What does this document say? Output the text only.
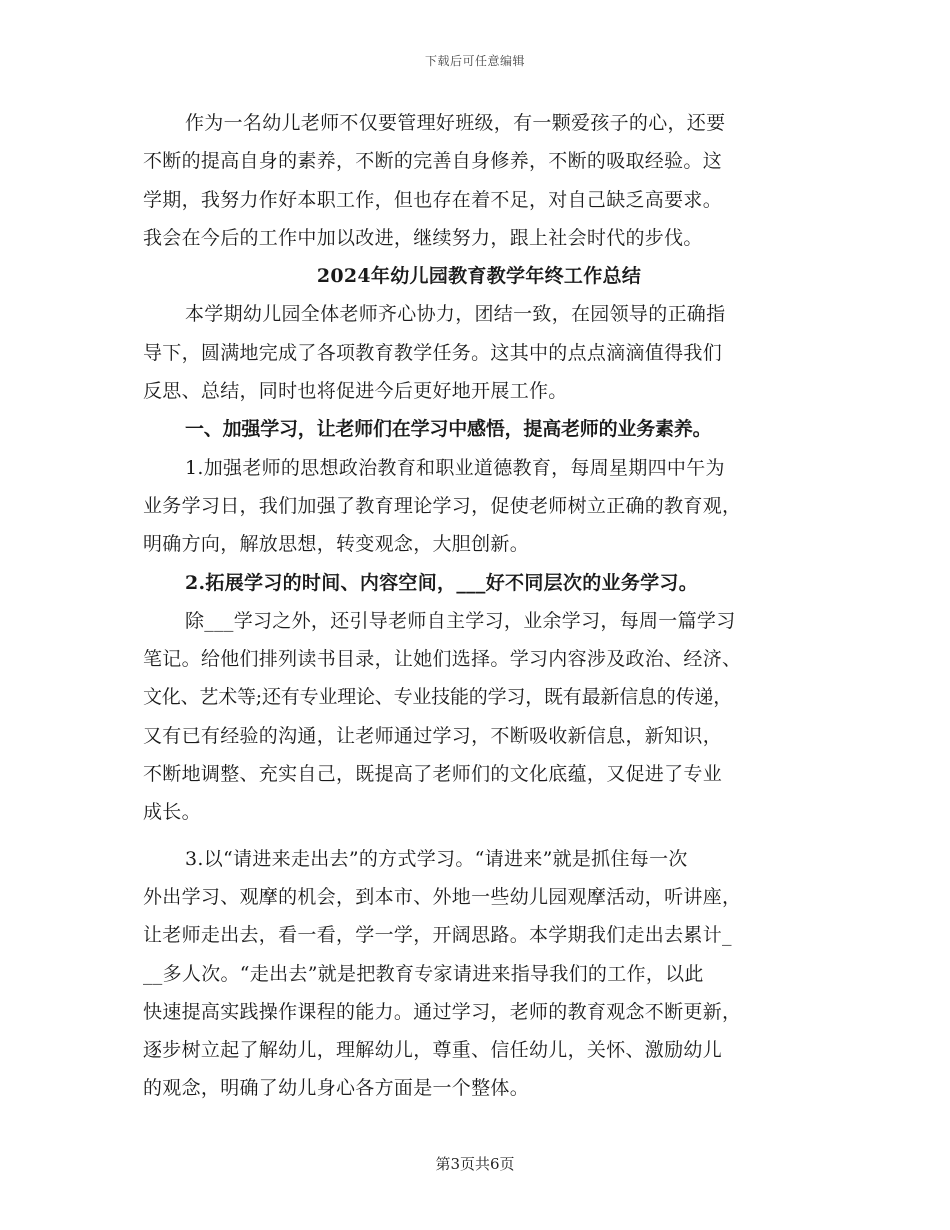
下载后可任意编辑
作为一名幼儿老师不仅要管理好班级，有一颗爱孩子的心，还要
不断的提高自身的素养，不断的完善自身修养，不断的吸取经验。这
学期，我努力作好本职工作，但也存在着不足，对自己缺乏高要求。
我会在今后的工作中加以改进，继续努力，跟上社会时代的步伐。
2024年幼儿园教育教学年终工作总结
本学期幼儿园全体老师齐心协力，团结一致，在园领导的正确指
导下，圆满地完成了各项教育教学任务。这其中的点点滴滴值得我们
反思、总结，同时也将促进今后更好地开展工作。
一、加强学习，让老师们在学习中感悟，提高老师的业务素养。
1.加强老师的思想政治教育和职业道德教育，每周星期四中午为
业务学习日，我们加强了教育理论学习，促使老师树立正确的教育观，
明确方向，解放思想，转变观念，大胆创新。
2.拓展学习的时间、内容空间，___好不同层次的业务学习。
除___学习之外，还引导老师自主学习，业余学习，每周一篇学习
笔记。给他们排列读书目录，让她们选择。学习内容涉及政治、经济、
文化、艺术等;还有专业理论、专业技能的学习，既有最新信息的传递，
又有已有经验的沟通，让老师通过学习，不断吸收新信息，新知识，
不断地调整、充实自己，既提高了老师们的文化底蕴，又促进了专业
成长。
3.以“请进来走出去”的方式学习。“请进来”就是抓住每一次
外出学习、观摩的机会，到本市、外地一些幼儿园观摩活动，听讲座，
让老师走出去，看一看，学一学，开阔思路。本学期我们走出去累计_
__多人次。“走出去”就是把教育专家请进来指导我们的工作，以此
快速提高实践操作课程的能力。通过学习，老师的教育观念不断更新，
逐步树立起了解幼儿，理解幼儿，尊重、信任幼儿，关怀、激励幼儿
的观念，明确了幼儿身心各方面是一个整体。
第3页共6页
